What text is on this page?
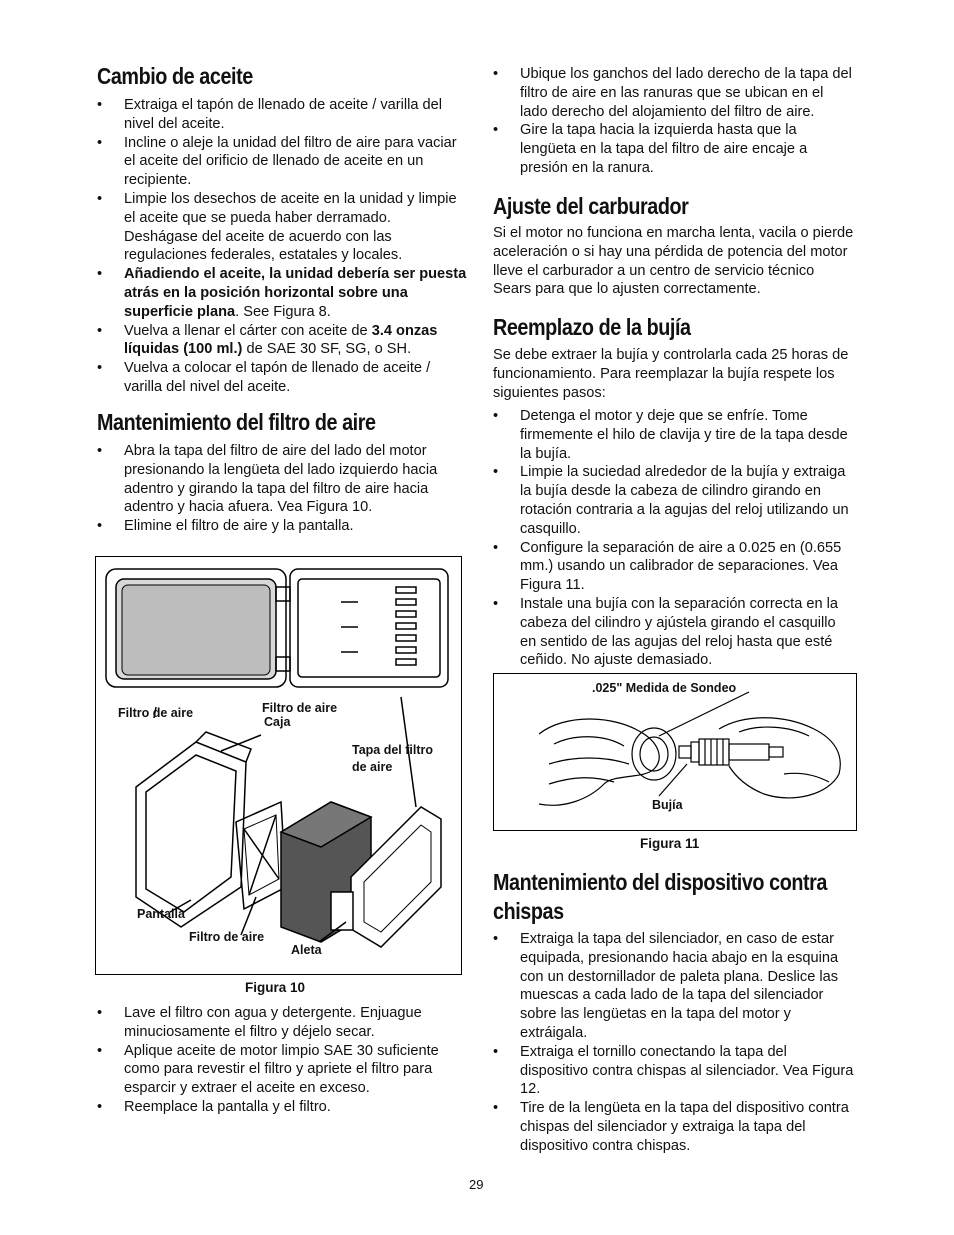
Cambio de aceite
• Extraiga el tapón de llenado de aceite / varilla del nivel del aceite.
• Incline o aleje la unidad del filtro de aire para vaciar el aceite del orificio de llenado de aceite en un recipiente.
• Limpie los desechos de aceite en la unidad y limpie el aceite que se pueda haber derramado. Deshágase del aceite de acuerdo con las regulaciones federales, estatales y locales.
• Añadiendo el aceite, la unidad debería ser puesta atrás en la posición horizontal sobre una superficie plana. See Figura 8.
• Vuelva a llenar el cárter con aceite de 3.4 onzas líquidas (100 ml.) de SAE 30 SF, SG, o SH.
• Vuelva a colocar el tapón de llenado de aceite / varilla del nivel del aceite.
Mantenimiento del filtro de aire
• Abra la tapa del filtro de aire del lado del motor presionando la lengüeta del lado izquierdo hacia adentro y girando la tapa del filtro de aire hacia adentro y hacia afuera. Vea Figura 10.
• Elimine el filtro de aire y la pantalla.
• Lave el filtro con agua y detergente. Enjuague minuciosamente el filtro y déjelo secar.
• Aplique aceite de motor limpio SAE 30 suficiente como para revestir el filtro y apriete el filtro para esparcir y extraer el aceite en exceso.
• Reemplace la pantalla y el filtro.
Filtro de aire	Filtro de aire
Caja
Tapa del filtro
de aire
Pantalla
Filtro de aire
Aleta
Figura 10
• Ubique los ganchos del lado derecho de la tapa del filtro de aire en las ranuras que se ubican en el lado derecho del alojamiento del filtro de aire.
• Gire la tapa hacia la izquierda hasta que la lengüeta en la tapa del filtro de aire encaje a presión en la ranura.
Ajuste del carburador

Si el motor no funciona en marcha lenta, vacila o pierde aceleración o si hay una pérdida de potencia del motor lleve el carburador a un centro de servicio técnico Sears para que lo ajusten correctamente.

Reemplazo de la bujía

Se debe extraer la bujía y controlarla cada 25 horas de funcionamiento. Para reemplazar la bujía respete los siguientes pasos:

• Detenga el motor y deje que se enfríe. Tome firmemente el hilo de clavija y tire de la tapa desde la bujía.
• Limpie la suciedad alrededor de la bujía y extraiga la bujía desde la cabeza de cilindro girando en rotación contraria a la agujas del reloj utilizando un casquillo.
• Configure la separación de aire a 0.025 en (0.655 mm.) usando un calibrador de separaciones. Vea Figura 11.
• Instale una bujía con la separación correcta en la cabeza del cilindro y ajústela girando el casquillo en sentido de las agujas del reloj hasta que esté ceñido. No ajuste demasiado.
Mantenimiento del dispositivo contra chispas
• Extraiga la tapa del silenciador, en caso de estar equipada, presionando hacia abajo en la esquina con un destornillador de paleta plana. Deslice las muescas a cada lado de la tapa del silenciador sobre las lengüetas en la tapa del motor y extráigala.
• Extraiga el tornillo conectando la tapa del dispositivo contra chispas al silenciador. Vea Figura 12.
• Tire de la lengüeta en la tapa del dispositivo contra chispas del silenciador y extraiga la tapa del dispositivo contra chispas.
.025" Medida de Sondeo
Bujía
Figura 11
29
